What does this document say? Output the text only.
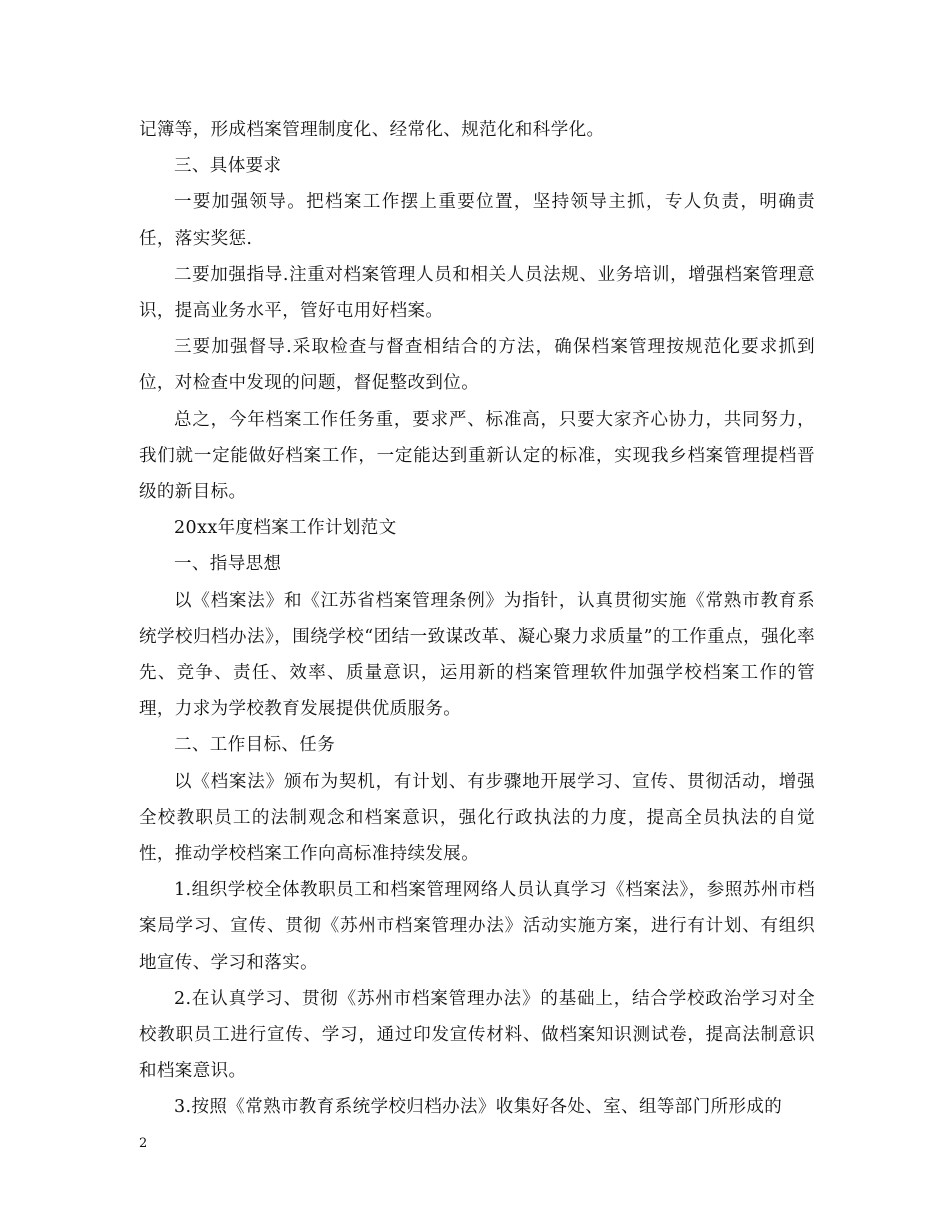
记簿等，形成档案管理制度化、经常化、规范化和科学化。

三、具体要求

一要加强领导。把档案工作摆上重要位置，坚持领导主抓，专人负责，明确责任，落实奖惩.

二要加强指导.注重对档案管理人员和相关人员法规、业务培训，增强档案管理意识，提高业务水平，管好屯用好档案。

三要加强督导.采取检查与督查相结合的方法，确保档案管理按规范化要求抓到位，对检查中发现的问题，督促整改到位。

总之，今年档案工作任务重，要求严、标准高，只要大家齐心协力，共同努力，我们就一定能做好档案工作，一定能达到重新认定的标准，实现我乡档案管理提档晋级的新目标。

20xx年度档案工作计划范文

一、指导思想

以《档案法》和《江苏省档案管理条例》为指针，认真贯彻实施《常熟市教育系统学校归档办法》，围绕学校“团结一致谋改革、凝心聚力求质量”的工作重点，强化率先、竞争、责任、效率、质量意识，运用新的档案管理软件加强学校档案工作的管理，力求为学校教育发展提供优质服务。

二、工作目标、任务

以《档案法》颁布为契机，有计划、有步骤地开展学习、宣传、贯彻活动，增强全校教职员工的法制观念和档案意识，强化行政执法的力度，提高全员执法的自觉性，推动学校档案工作向高标准持续发展。

1.组织学校全体教职员工和档案管理网络人员认真学习《档案法》，参照苏州市档案局学习、宣传、贯彻《苏州市档案管理办法》活动实施方案，进行有计划、有组织地宣传、学习和落实。

2.在认真学习、贯彻《苏州市档案管理办法》的基础上，结合学校政治学习对全校教职员工进行宣传、学习，通过印发宣传材料、做档案知识测试卷，提高法制意识和档案意识。

3.按照《常熟市教育系统学校归档办法》收集好各处、室、组等部门所形成的

2
